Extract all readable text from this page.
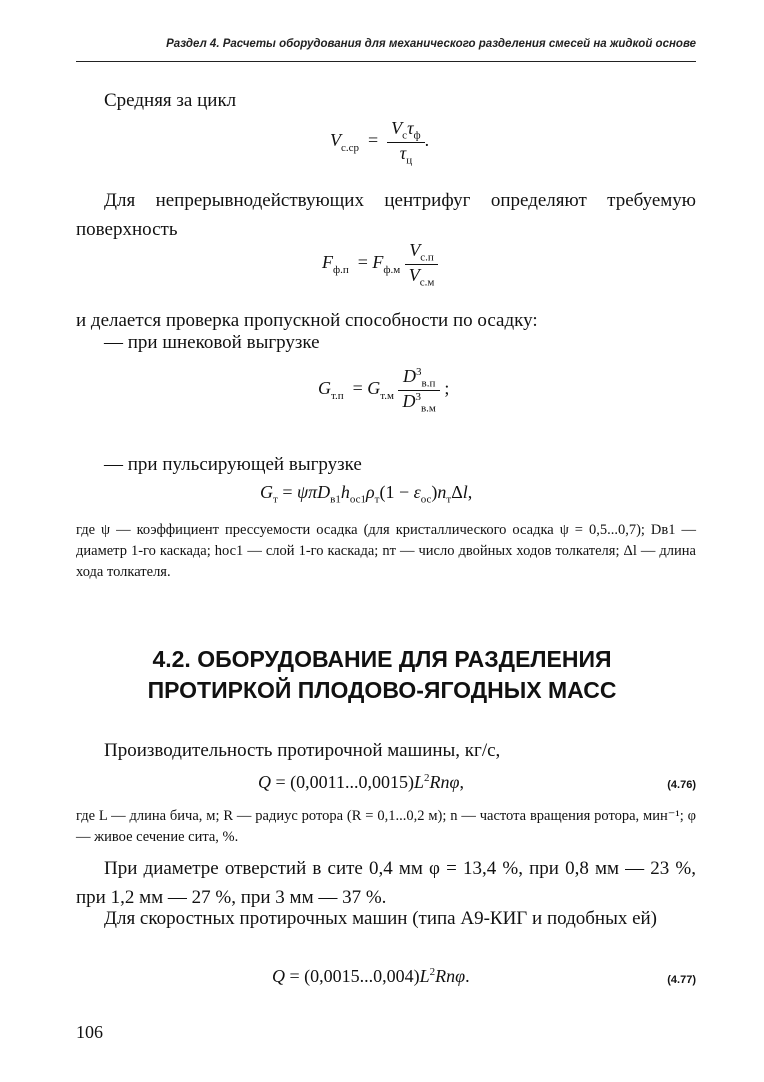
Раздел 4. Расчеты оборудования для механического разделения смесей на жидкой основе
Средняя за цикл
$V_{с.ср} = \frac{V_с\tau_ф}{\tau_ц}$ .
Для непрерывнодействующих центрифуг определяют требуемую поверхность
$F_{ф.п} = F_{ф.м} \frac{V_{с.п}}{V_{с.м}}$
и делается проверка пропускной способности по осадку:
— при шнековой выгрузке
$G_{т.п} = G_{т.м} \frac{D^3_{в.п}}{D^3_{в.м}}$ ;
— при пульсирующей выгрузке
$G_т = \psi\pi D_{в1}h_{ос1}\rho_т(1 - \varepsilon_{ос})n_т\Delta l$,
где ψ — коэффициент прессуемости осадка (для кристаллического осадка ψ = 0,5...0,7); Dв1 — диаметр 1-го каскада; hос1 — слой 1-го каскада; nт — число двойных ходов толкателя; Δl — длина хода толкателя.
4.2. ОБОРУДОВАНИЕ ДЛЯ РАЗДЕЛЕНИЯ
ПРОТИРКОЙ ПЛОДОВО-ЯГОДНЫХ МАСС
Производительность протирочной машины, кг/с,
$Q = (0,0011...0,0015)L^2Rn\varphi$,	(4.76)
где L — длина бича, м; R — радиус ротора (R = 0,1...0,2 м); n — частота вращения ротора, мин⁻¹; φ — живое сечение сита, %.
При диаметре отверстий в сите 0,4 мм φ = 13,4 %, при 0,8 мм — 23 %, при 1,2 мм — 27 %, при 3 мм — 37 %.
Для скоростных протирочных машин (типа А9-КИГ и подобных ей)
$Q = (0,0015...0,004)L^2Rn\varphi$.	(4.77)
106
